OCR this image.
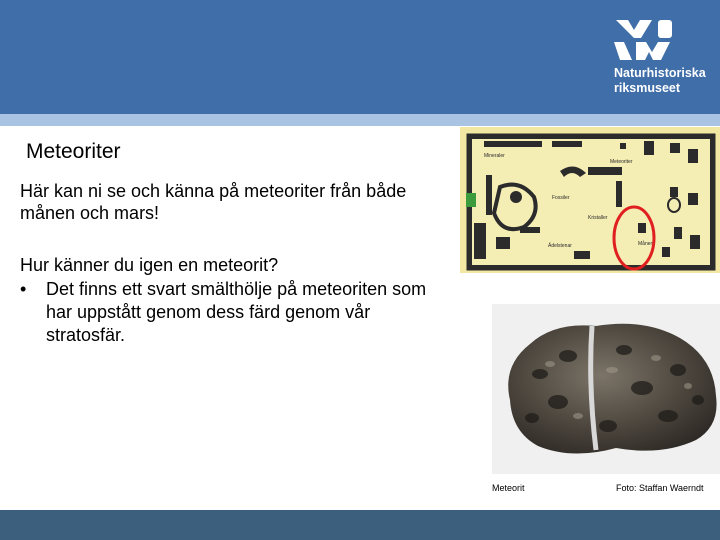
Naturhistoriska
riksmuseet
Meteoriter
Här kan ni se och känna på meteoriter från både månen och mars!
Hur känner du igen en meteorit?
•	Det finns ett svart smälthölje på meteoriten som har uppstått genom dess färd genom vår stratosfär.
Mineraler
Meteoriter
Fossiler
Kristaller
Ädelstenar	Månen
Meteorit	Foto: Staffan Waerndt
